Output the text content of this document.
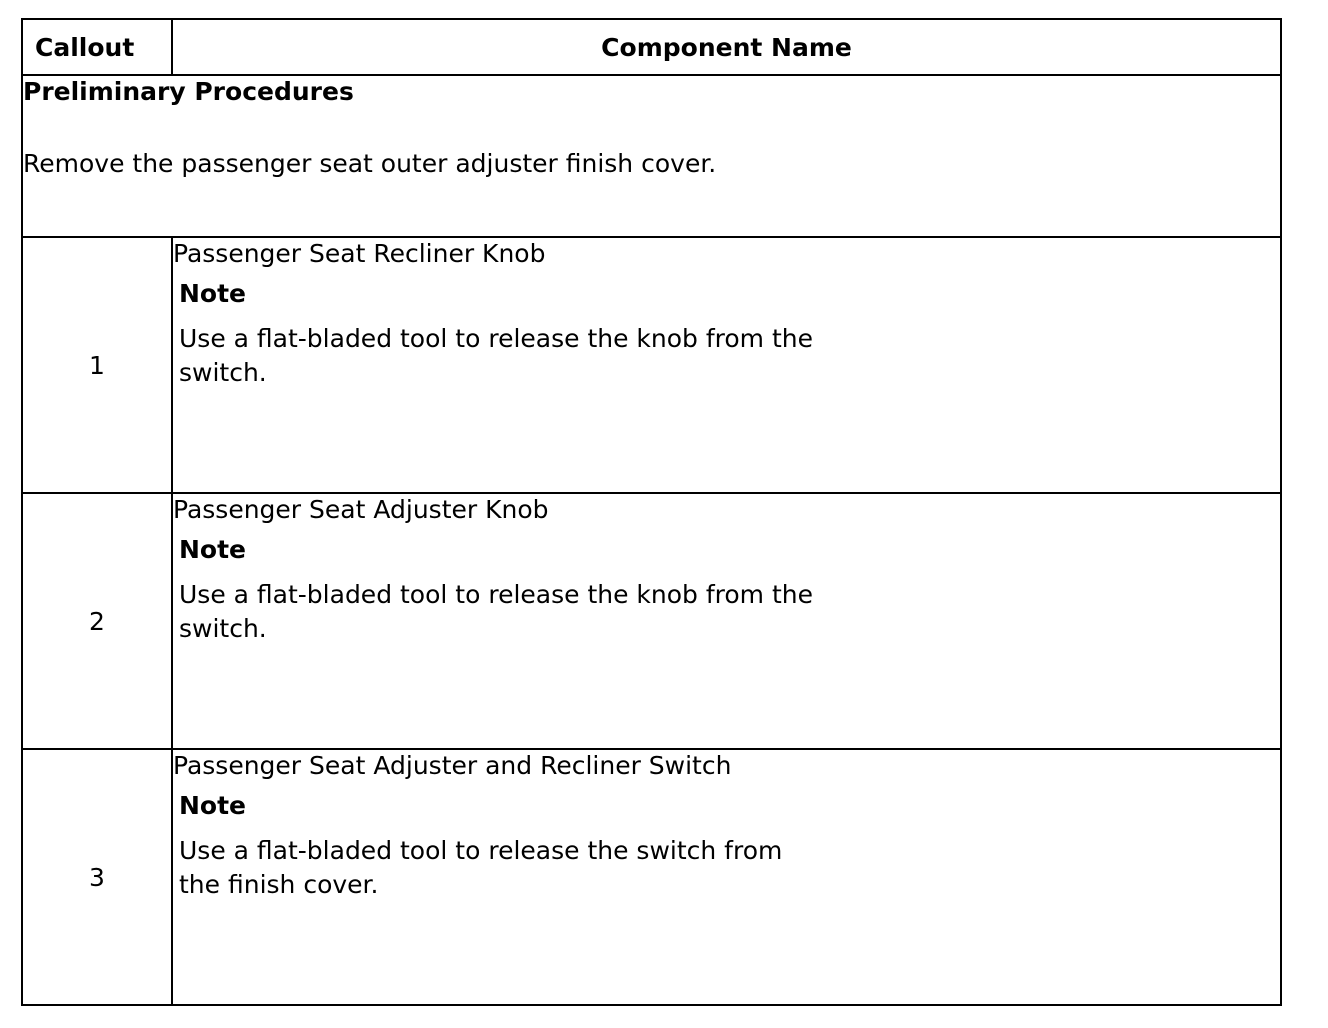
Callout	Component Name

Preliminary Procedures
Remove the passenger seat outer adjuster finish cover.	

1	Passenger Seat Recliner Knob
Note
Use a flat-bladed tool to release the knob from the switch.

2	Passenger Seat Adjuster Knob
Note
Use a flat-bladed tool to release the knob from the switch.

3	Passenger Seat Adjuster and Recliner Switch
Note
Use a flat-bladed tool to release the switch from the finish cover.
